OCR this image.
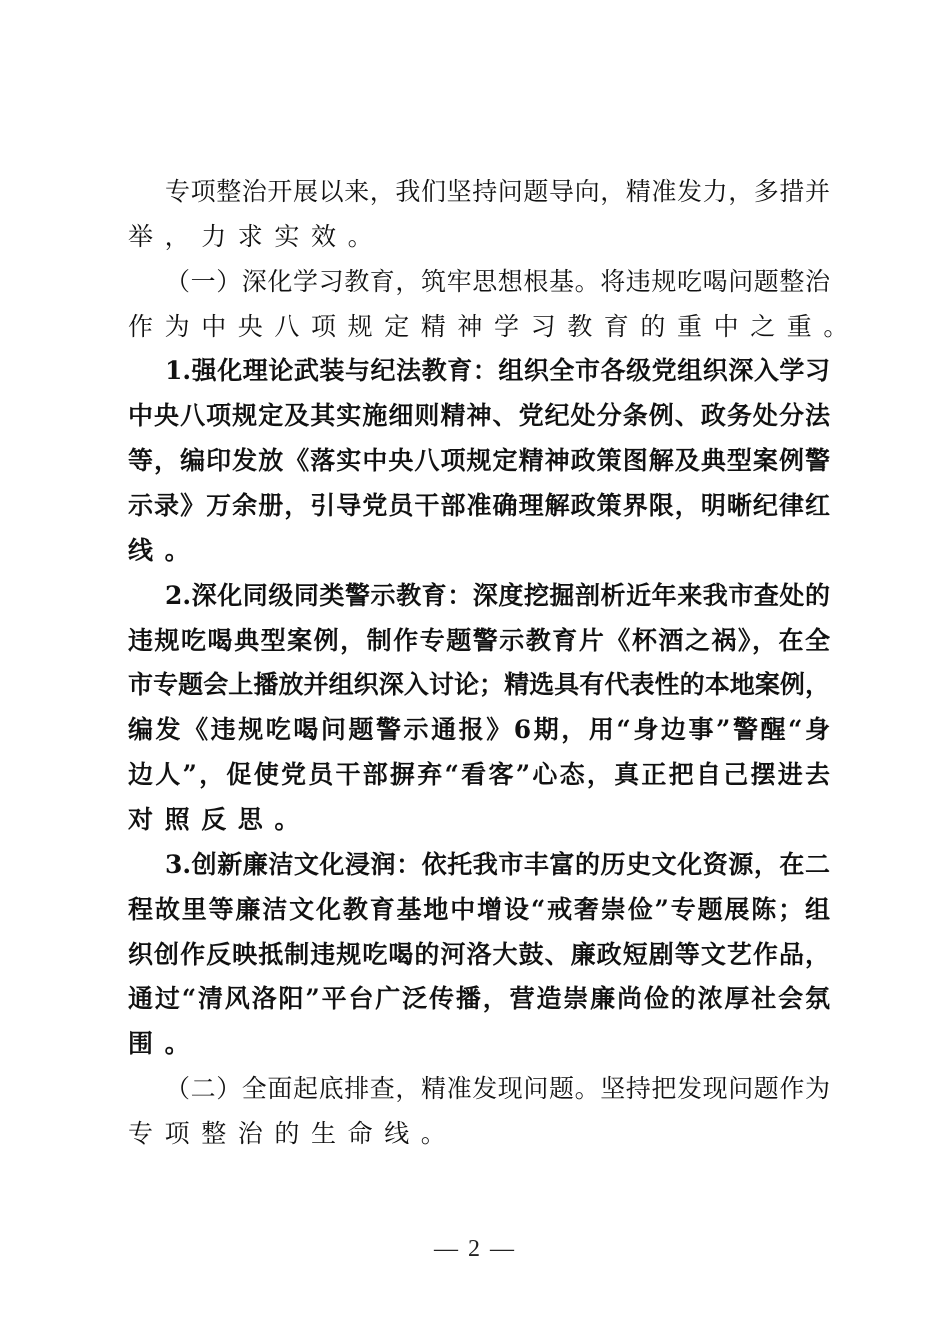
专项整治开展以来，我们坚持问题导向，精准发力，多措并
举，力求实效。

（一）深化学习教育，筑牢思想根基。将违规吃喝问题整治
作为中央八项规定精神学习教育的重中之重。

1.强化理论武装与纪法教育：组织全市各级党组织深入学习
中央八项规定及其实施细则精神、党纪处分条例、政务处分法
等，编印发放《落实中央八项规定精神政策图解及典型案例警
示录》万余册，引导党员干部准确理解政策界限，明晰纪律红
线。

2.深化同级同类警示教育：深度挖掘剖析近年来我市查处的
违规吃喝典型案例，制作专题警示教育片《杯酒之祸》，在全
市专题会上播放并组织深入讨论；精选具有代表性的本地案例，
编发《违规吃喝问题警示通报》6期，用“身边事”警醒“身
边人”，促使党员干部摒弃“看客”心态，真正把自己摆进去
对照反思。

3.创新廉洁文化浸润：依托我市丰富的历史文化资源，在二
程故里等廉洁文化教育基地中增设“戒奢崇俭”专题展陈；组
织创作反映抵制违规吃喝的河洛大鼓、廉政短剧等文艺作品，
通过“清风洛阳”平台广泛传播，营造崇廉尚俭的浓厚社会氛
围。

（二）全面起底排查，精准发现问题。坚持把发现问题作为
专项整治的生命线。

— 2 —
